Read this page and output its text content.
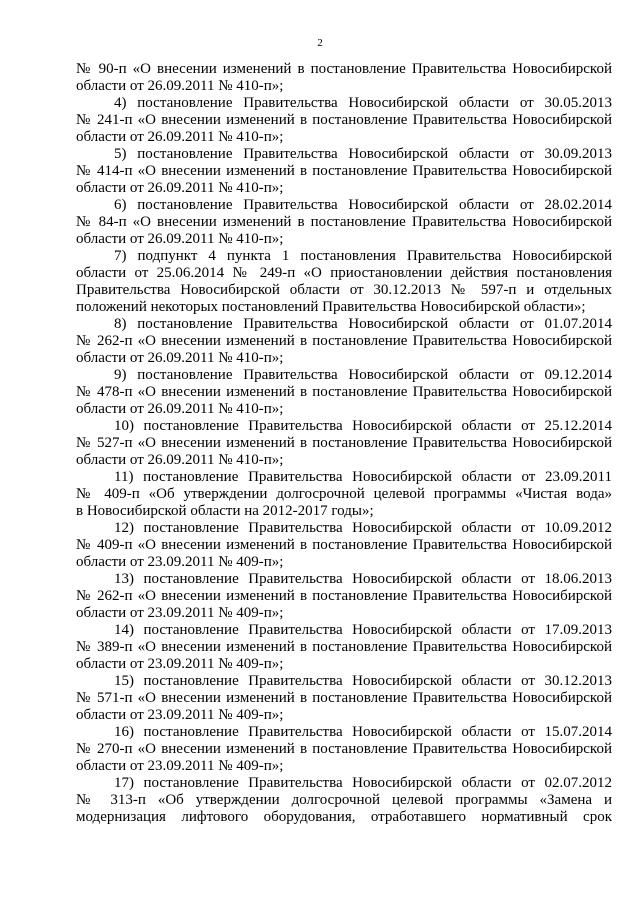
2
№ 90-п «О внесении изменений в постановление Правительства Новосибирской
области от 26.09.2011 № 410-п»;
4) постановление Правительства Новосибирской области от 30.05.2013
№ 241-п «О внесении изменений в постановление Правительства Новосибирской
области от 26.09.2011 № 410-п»;
5) постановление Правительства Новосибирской области от 30.09.2013
№ 414-п «О внесении изменений в постановление Правительства Новосибирской
области от 26.09.2011 № 410-п»;
6) постановление Правительства Новосибирской области от 28.02.2014
№ 84-п «О внесении изменений в постановление Правительства Новосибирской
области от 26.09.2011 № 410-п»;
7) подпункт 4 пункта 1 постановления Правительства Новосибирской
области от 25.06.2014 № 249-п «О приостановлении действия постановления
Правительства Новосибирской области от 30.12.2013 № 597-п и отдельных
положений некоторых постановлений Правительства Новосибирской области»;
8) постановление Правительства Новосибирской области от 01.07.2014
№ 262-п «О внесении изменений в постановление Правительства Новосибирской
области от 26.09.2011 № 410-п»;
9) постановление Правительства Новосибирской области от 09.12.2014
№ 478-п «О внесении изменений в постановление Правительства Новосибирской
области от 26.09.2011 № 410-п»;
10) постановление Правительства Новосибирской области от 25.12.2014
№ 527-п «О внесении изменений в постановление Правительства Новосибирской
области от 26.09.2011 № 410-п»;
11) постановление Правительства Новосибирской области от 23.09.2011
№ 409-п «Об утверждении долгосрочной целевой программы «Чистая вода»
в Новосибирской области на 2012-2017 годы»;
12) постановление Правительства Новосибирской области от 10.09.2012
№ 409-п «О внесении изменений в постановление Правительства Новосибирской
области от 23.09.2011 № 409-п»;
13) постановление Правительства Новосибирской области от 18.06.2013
№ 262-п «О внесении изменений в постановление Правительства Новосибирской
области от 23.09.2011 № 409-п»;
14) постановление Правительства Новосибирской области от 17.09.2013
№ 389-п «О внесении изменений в постановление Правительства Новосибирской
области от 23.09.2011 № 409-п»;
15) постановление Правительства Новосибирской области от 30.12.2013
№ 571-п «О внесении изменений в постановление Правительства Новосибирской
области от 23.09.2011 № 409-п»;
16) постановление Правительства Новосибирской области от 15.07.2014
№ 270-п «О внесении изменений в постановление Правительства Новосибирской
области от 23.09.2011 № 409-п»;
17) постановление Правительства Новосибирской области от 02.07.2012
№ 313-п «Об утверждении долгосрочной целевой программы «Замена и
модернизация лифтового оборудования, отработавшего нормативный срок
